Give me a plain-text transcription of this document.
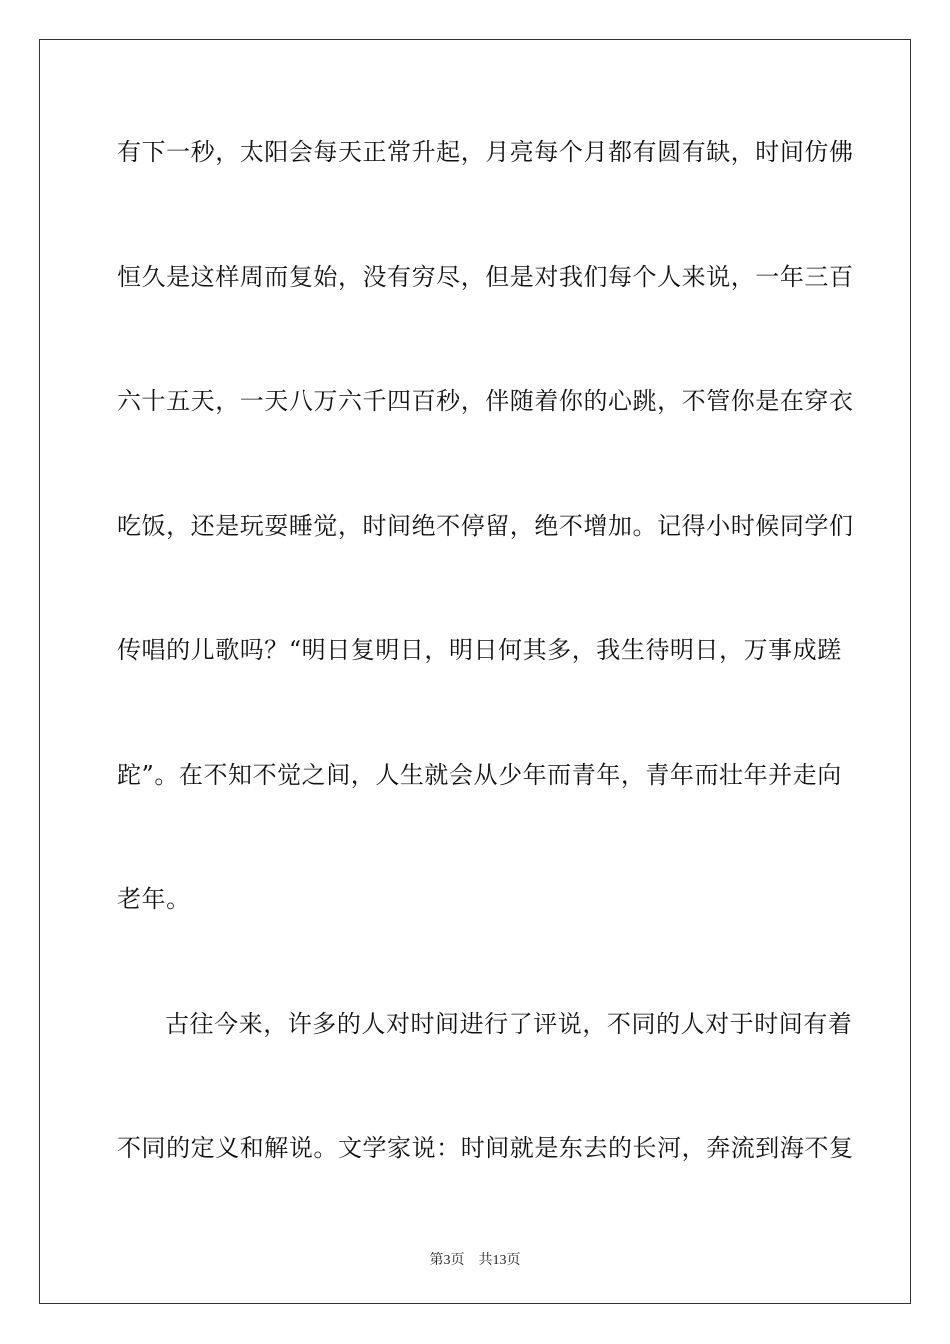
有下一秒，太阳会每天正常升起，月亮每个月都有圆有缺，时间仿佛
恒久是这样周而复始，没有穷尽，但是对我们每个人来说，一年三百
六十五天，一天八万六千四百秒，伴随着你的心跳，不管你是在穿衣
吃饭，还是玩耍睡觉，时间绝不停留，绝不增加。记得小时候同学们
传唱的儿歌吗？“明日复明日，明日何其多，我生待明日，万事成蹉
跎”。在不知不觉之间，人生就会从少年而青年，青年而壮年并走向
老年。
古往今来，许多的人对时间进行了评说，不同的人对于时间有着
不同的定义和解说。文学家说：时间就是东去的长河，奔流到海不复
第3页 共13页
